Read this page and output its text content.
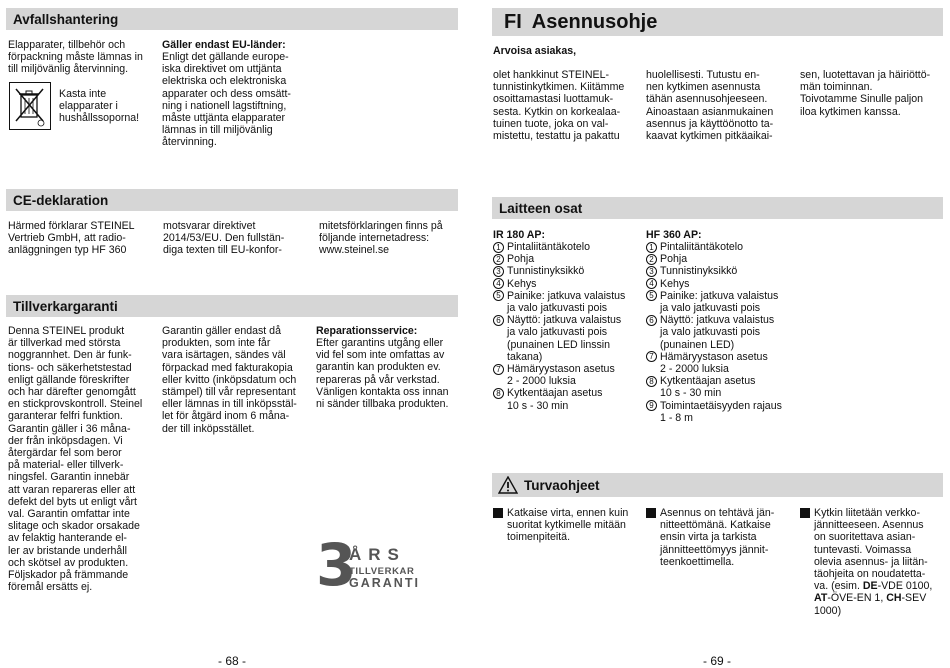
Avfallshantering
Elapparater, tillbehör och
förpackning måste lämnas in
till miljövänlig återvinning.
Kasta inte
elapparater i
hushållssoporna!
Gäller endast EU-länder:
Enligt det gällande europe-
iska direktivet om uttjänta
elektriska och elektroniska
apparater och dess omsätt-
ning i nationell lagstiftning,
måste uttjänta elapparater
lämnas in till miljövänlig
återvinning.
CE-deklaration
Härmed förklarar STEINEL
Vertrieb GmbH, att radio-
anläggningen typ HF 360
motsvarar direktivet
2014/53/EU. Den fullstän-
diga texten till EU-konfor-
mitetsförklaringen finns på
följande internetadress:
www.steinel.se
Tillverkargaranti
Denna STEINEL produkt
är tillverkad med största
noggrannhet. Den är funk-
tions- och säkerhetstestad
enligt gällande föreskrifter
och har därefter genomgått
en stickprovskontroll. Steinel
garanterar felfri funktion.
Garantin gäller i 36 måna-
der från inköpsdagen. Vi
återgärdar fel som beror
på material- eller tillverk-
ningsfel. Garantin innebär
att varan repareras eller att
defekt del byts ut enligt vårt
val. Garantin omfattar inte
slitage och skador orsakade
av felaktig hanterande el-
ler av bristande underhåll
och skötsel av produkten.
Följskador på främmande
föremål ersätts ej.
Garantin gäller endast då
produkten, som inte får
vara isärtagen, sändes väl
förpackad med fakturakopia
eller kvitto (inköpsdatum och
stämpel) till vår representant
eller lämnas in till inköpsstäl-
let för åtgärd inom 6 måna-
der till inköpsstället.
Reparationsservice:
Efter garantins utgång eller
vid fel som inte omfattas av
garantin kan produkten ev.
repareras på vår verkstad.
Vänligen kontakta oss innan
ni sänder tillbaka produkten.
3
ÅRS
TILLVERKAR
GARANTI
- 68 -
FI Asennusohje
Arvoisa asiakas,
olet hankkinut STEINEL-
tunnistinkytkimen. Kiitämme
osoittamastasi luottamuk-
sesta. Kytkin on korkealaa-
tuinen tuote, joka on val-
mistettu, testattu ja pakattu
huolellisesti. Tutustu en-
nen kytkimen asennusta
tähän asennusohjeeseen.
Ainoastaan asianmukainen
asennus ja käyttöönotto ta-
kaavat kytkimen pitkäaikai-
sen, luotettavan ja häiriöttö-
män toiminnan.
Toivotamme Sinulle paljon
iloa kytkimen kanssa.
Laitteen osat
IR 180 AP:
1 Pintaliitäntäkotelo
2 Pohja
3 Tunnistinyksikkö
4 Kehys
5 Painike: jatkuva valaistus
ja valo jatkuvasti pois
6 Näyttö: jatkuva valaistus
ja valo jatkuvasti pois
(punainen LED linssin
takana)
7 Hämäryystason asetus
2 - 2000 luksia
8 Kytkentäajan asetus
10 s - 30 min
HF 360 AP:
1 Pintaliitäntäkotelo
2 Pohja
3 Tunnistinyksikkö
4 Kehys
5 Painike: jatkuva valaistus
ja valo jatkuvasti pois
6 Näyttö: jatkuva valaistus
ja valo jatkuvasti pois
(punainen LED)
7 Hämäryystason asetus
2 - 2000 luksia
8 Kytkentäajan asetus
10 s - 30 min
9 Toimintaetäisyyden rajaus
1 - 8 m
Turvaohjeet
Katkaise virta, ennen kuin
suoritat kytkimelle mitään
toimenpiteitä.
Asennus on tehtävä jän-
nitteettömänä. Katkaise
ensin virta ja tarkista
jännitteettömyys jännit-
teenkoettimella.
Kytkin liitetään verkko-
jännitteeseen. Asennus
on suoritettava asian-
tuntevasti. Voimassa
olevia asennus- ja liitän-
täohjeita on noudatetta-
va. (esim. DE-VDE 0100,
AT-ÖVE-EN 1, CH-SEV
1000)
- 69 -
